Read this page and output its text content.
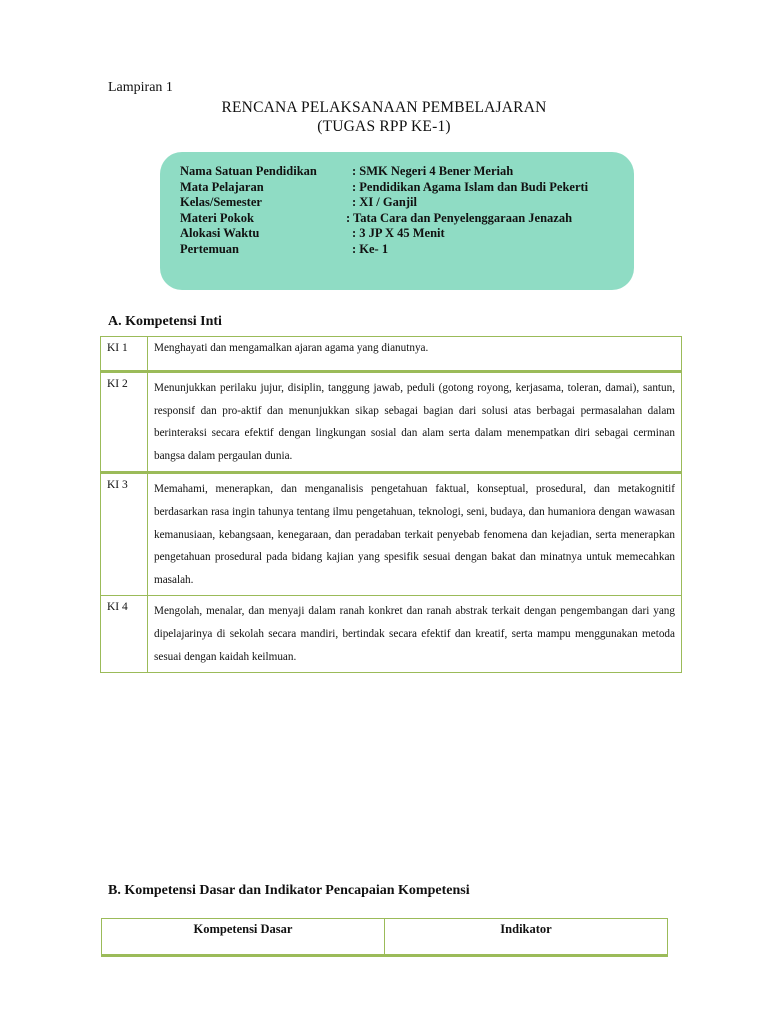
Lampiran 1
RENCANA PELAKSANAAN PEMBELAJARAN
(TUGAS RPP KE-1)
Nama Satuan Pendidikan	: SMK Negeri 4 Bener Meriah
Mata Pelajaran	: Pendidikan Agama Islam dan Budi Pekerti
Kelas/Semester	: XI / Ganjil
Materi Pokok	: Tata Cara dan Penyelenggaraan Jenazah
Alokasi Waktu	: 3 JP X 45 Menit
Pertemuan	: Ke- 1
A. Kompetensi Inti
KI 1	Menghayati dan mengamalkan ajaran agama yang dianutnya.
KI 2	Menunjukkan perilaku jujur, disiplin, tanggung jawab, peduli (gotong royong, kerjasama, toleran, damai), santun, responsif dan pro-aktif dan menunjukkan sikap sebagai bagian dari solusi atas berbagai permasalahan dalam berinteraksi secara efektif dengan lingkungan sosial dan alam serta dalam menempatkan diri sebagai cerminan bangsa dalam pergaulan dunia.
KI 3	Memahami, menerapkan, dan menganalisis pengetahuan faktual, konseptual, prosedural, dan metakognitif berdasarkan rasa ingin tahunya tentang ilmu pengetahuan, teknologi, seni, budaya, dan humaniora dengan wawasan kemanusiaan, kebangsaan, kenegaraan, dan peradaban terkait penyebab fenomena dan kejadian, serta menerapkan pengetahuan prosedural pada bidang kajian yang spesifik sesuai dengan bakat dan minatnya untuk memecahkan masalah.
KI 4	Mengolah, menalar, dan menyaji dalam ranah konkret dan ranah abstrak terkait dengan pengembangan dari yang dipelajarinya di sekolah secara mandiri, bertindak secara efektif dan kreatif, serta mampu menggunakan metoda sesuai dengan kaidah keilmuan.
B. Kompetensi Dasar dan Indikator Pencapaian Kompetensi
Kompetensi Dasar	Indikator
